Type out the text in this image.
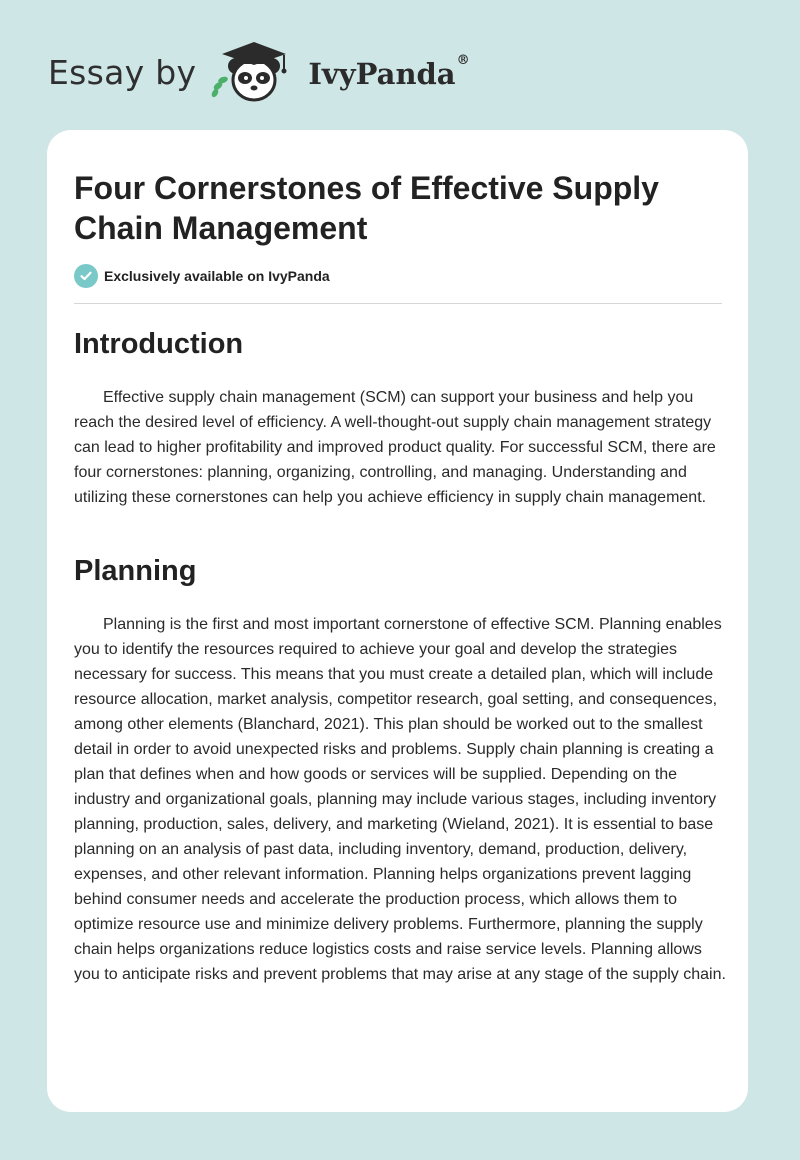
Essay by	IvyPanda®
Four Cornerstones of Effective Supply Chain Management
Exclusively available on IvyPanda
Introduction

Effective supply chain management (SCM) can support your business and help you reach the desired level of efficiency. A well-thought-out supply chain management strategy can lead to higher profitability and improved product quality. For successful SCM, there are four cornerstones: planning, organizing, controlling, and managing. Understanding and utilizing these cornerstones can help you achieve efficiency in supply chain management.

Planning

Planning is the first and most important cornerstone of effective SCM. Planning enables you to identify the resources required to achieve your goal and develop the strategies necessary for success. This means that you must create a detailed plan, which will include resource allocation, market analysis, competitor research, goal setting, and consequences, among other elements (Blanchard, 2021). This plan should be worked out to the smallest detail in order to avoid unexpected risks and problems. Supply chain planning is creating a plan that defines when and how goods or services will be supplied. Depending on the industry and organizational goals, planning may include various stages, including inventory planning, production, sales, delivery, and marketing (Wieland, 2021). It is essential to base planning on an analysis of past data, including inventory, demand, production, delivery, expenses, and other relevant information. Planning helps organizations prevent lagging behind consumer needs and accelerate the production process, which allows them to optimize resource use and minimize delivery problems. Furthermore, planning the supply chain helps organizations reduce logistics costs and raise service levels. Planning allows you to anticipate risks and prevent problems that may arise at any stage of the supply chain.
